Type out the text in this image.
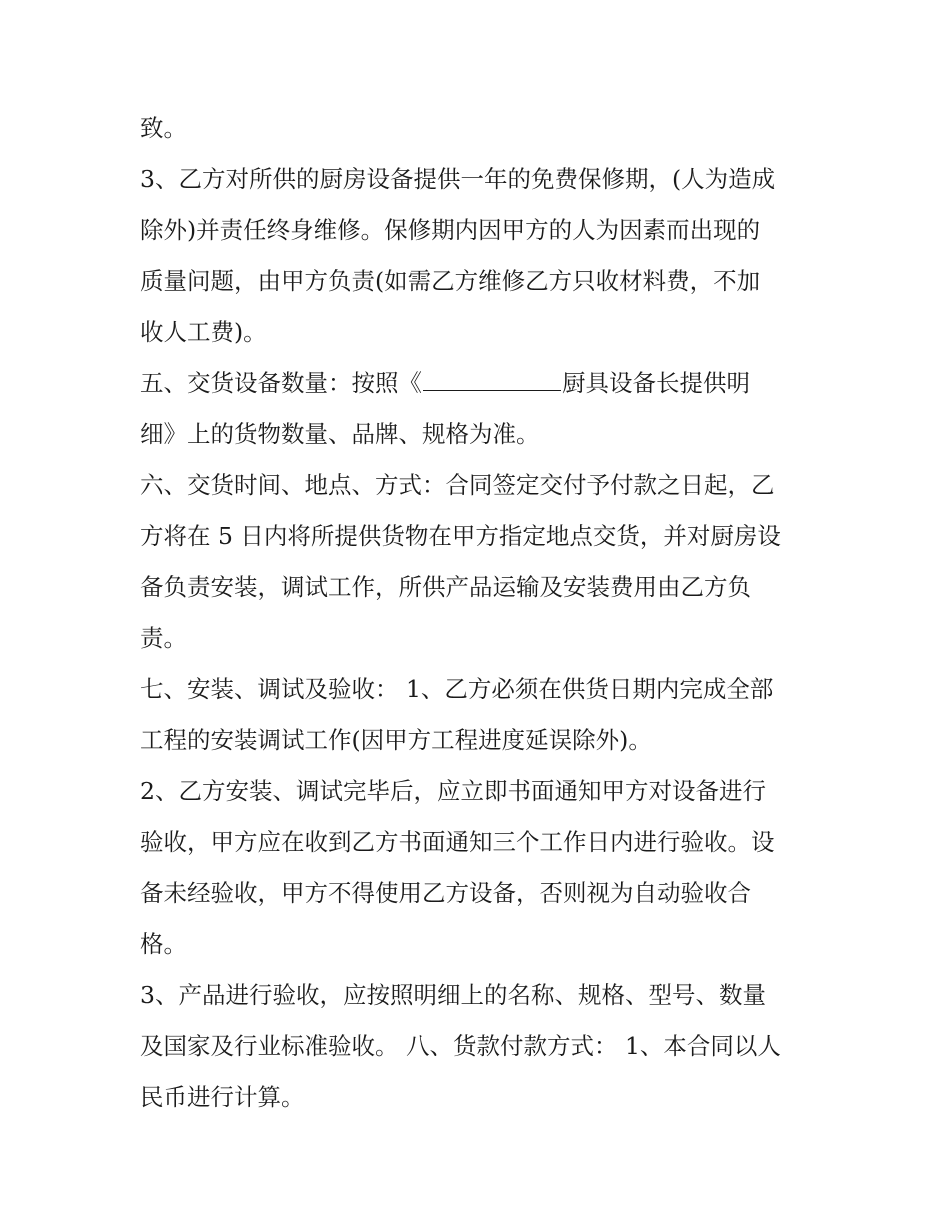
致。
3、乙方对所供的厨房设备提供一年的免费保修期，(人为造成
除外)并责任终身维修。保修期内因甲方的人为因素而出现的
质量问题，由甲方负责(如需乙方维修乙方只收材料费，不加
收人工费)。
五、交货设备数量：按照《	厨具设备长提供明
细》上的货物数量、品牌、规格为准。
六、交货时间、地点、方式：合同签定交付予付款之日起，乙
方将在 5 日内将所提供货物在甲方指定地点交货，并对厨房设
备负责安装，调试工作，所供产品运输及安装费用由乙方负
责。
七、安装、调试及验收： 1、乙方必须在供货日期内完成全部
工程的安装调试工作(因甲方工程进度延误除外)。
2、乙方安装、调试完毕后，应立即书面通知甲方对设备进行
验收，甲方应在收到乙方书面通知三个工作日内进行验收。设
备未经验收，甲方不得使用乙方设备，否则视为自动验收合
格。
3、产品进行验收，应按照明细上的名称、规格、型号、数量
及国家及行业标准验收。 八、货款付款方式： 1、本合同以人
民币进行计算。
